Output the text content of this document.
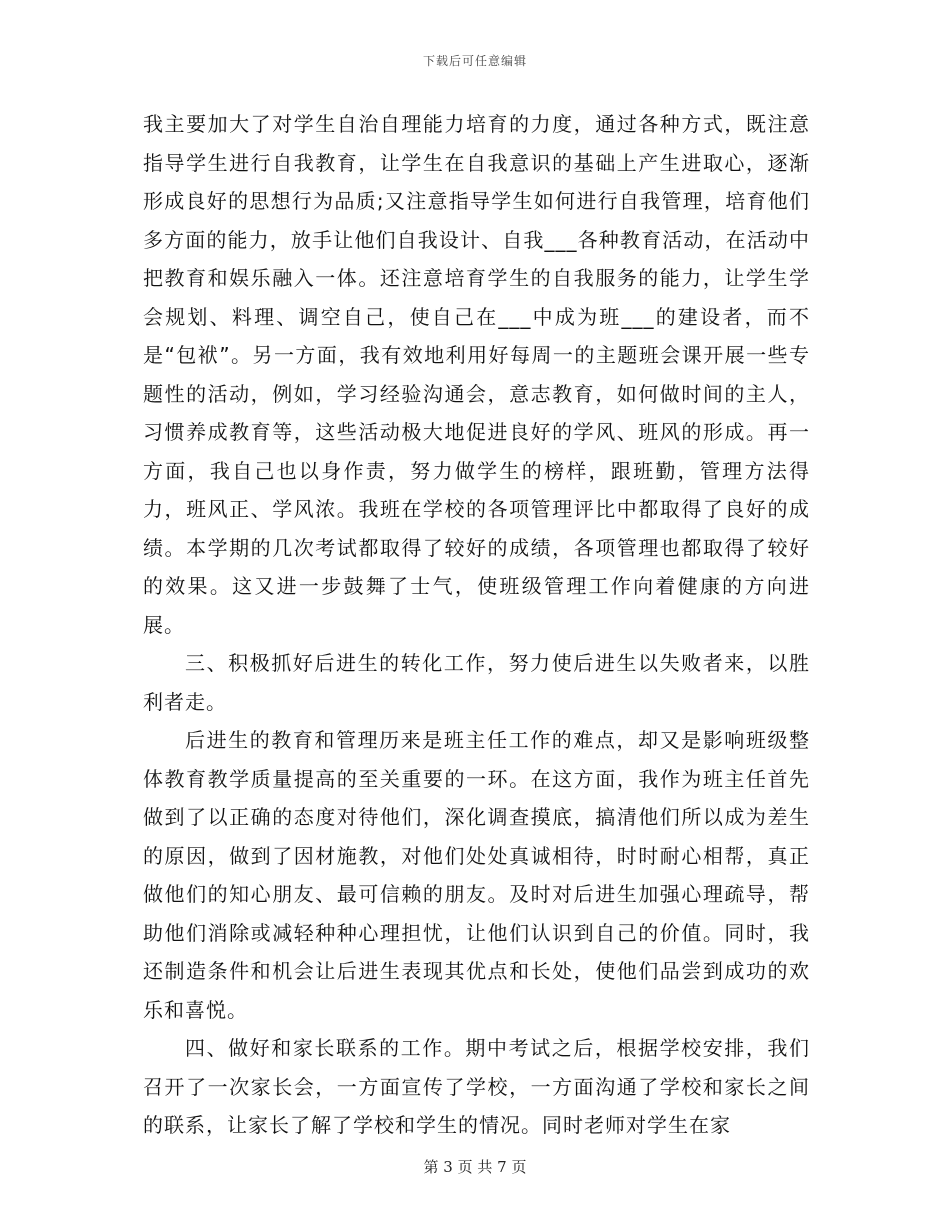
下载后可任意编辑

我主要加大了对学生自治自理能力培育的力度，通过各种方式，既注意指导学生进行自我教育，让学生在自我意识的基础上产生进取心，逐渐形成良好的思想行为品质;又注意指导学生如何进行自我管理，培育他们多方面的能力，放手让他们自我设计、自我___各种教育活动，在活动中把教育和娱乐融入一体。还注意培育学生的自我服务的能力，让学生学会规划、料理、调空自己，使自己在___中成为班___的建设者，而不是“包袱”。另一方面，我有效地利用好每周一的主题班会课开展一些专题性的活动，例如，学习经验沟通会，意志教育，如何做时间的主人，习惯养成教育等，这些活动极大地促进良好的学风、班风的形成。再一方面，我自己也以身作责，努力做学生的榜样，跟班勤，管理方法得力，班风正、学风浓。我班在学校的各项管理评比中都取得了良好的成绩。本学期的几次考试都取得了较好的成绩，各项管理也都取得了较好的效果。这又进一步鼓舞了士气，使班级管理工作向着健康的方向进展。

三、积极抓好后进生的转化工作，努力使后进生以失败者来，以胜利者走。

后进生的教育和管理历来是班主任工作的难点，却又是影响班级整体教育教学质量提高的至关重要的一环。在这方面，我作为班主任首先做到了以正确的态度对待他们，深化调查摸底，搞清他们所以成为差生的原因，做到了因材施教，对他们处处真诚相待，时时耐心相帮，真正做他们的知心朋友、最可信赖的朋友。及时对后进生加强心理疏导，帮助他们消除或减轻种种心理担忧，让他们认识到自己的价值。同时，我还制造条件和机会让后进生表现其优点和长处，使他们品尝到成功的欢乐和喜悦。

四、做好和家长联系的工作。期中考试之后，根据学校安排，我们召开了一次家长会，一方面宣传了学校，一方面沟通了学校和家长之间的联系，让家长了解了学校和学生的情况。同时老师对学生在家

第 3 页 共 7 页
